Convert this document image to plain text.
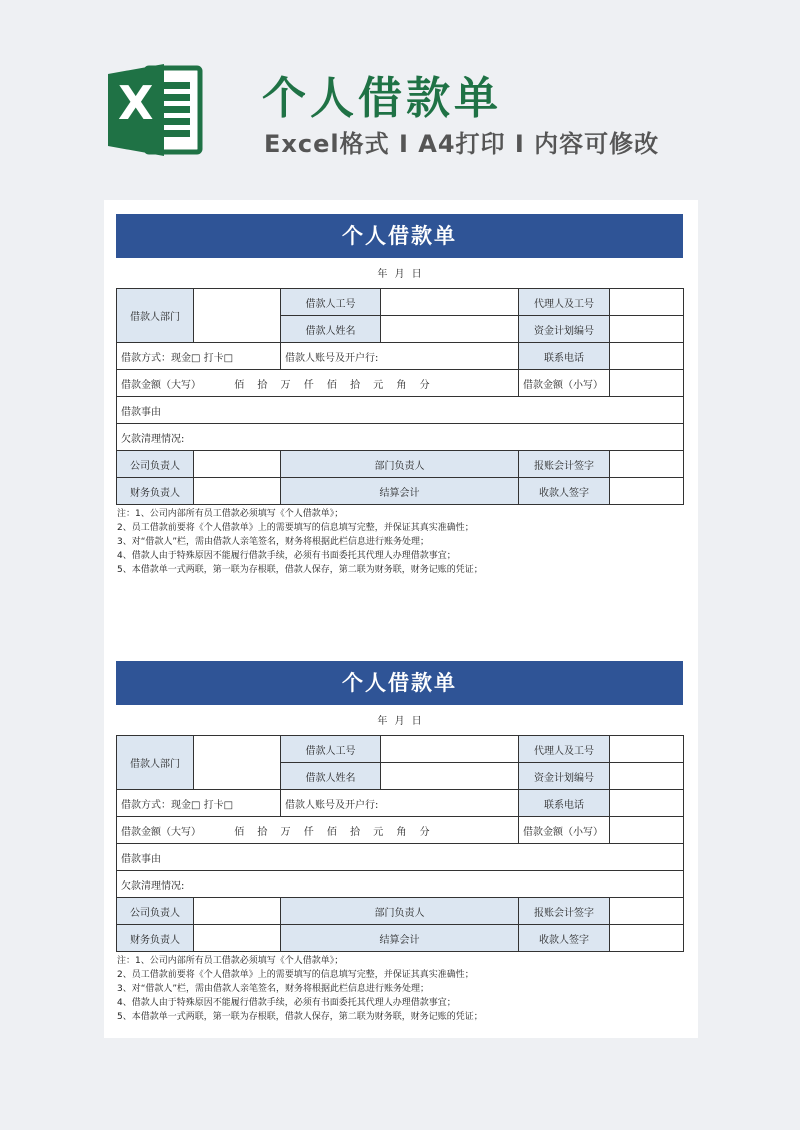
X 个人借款单
Excel格式 I A4打印 I 内容可修改
个人借款单
年 月 日
借款人部门		借款人工号		代理人及工号	
		借款人姓名		资金计划编号	
借款方式：现金□ 打卡□		借款人账号及开户行:		联系电话	
借款金额（大写） 佰 拾 万 仟 佰 拾 元 角 分				借款金额（小写）	
借款事由					
欠款清理情况:					
公司负责人		部门负责人		报账会计签字	
财务负责人		结算会计		收款人签字	
注：1、公司内部所有员工借款必须填写《个人借款单》；
2、员工借款前要将《个人借款单》上的需要填写的信息填写完整，并保证其真实准确性；
3、对“借款人”栏，需由借款人亲笔签名，财务将根据此栏信息进行账务处理；
4、借款人由于特殊原因不能履行借款手续，必须有书面委托其代理人办理借款事宜；
5、本借款单一式两联，第一联为存根联，借款人保存，第二联为财务联，财务记账的凭证；
个人借款单
年 月 日
借款人部门		借款人工号		代理人及工号	
		借款人姓名		资金计划编号	
借款方式：现金□ 打卡□		借款人账号及开户行:		联系电话	
借款金额（大写） 佰 拾 万 仟 佰 拾 元 角 分				借款金额（小写）	
借款事由					
欠款清理情况:					
公司负责人		部门负责人		报账会计签字	
财务负责人		结算会计		收款人签字	
注：1、公司内部所有员工借款必须填写《个人借款单》；
2、员工借款前要将《个人借款单》上的需要填写的信息填写完整，并保证其真实准确性；
3、对“借款人”栏，需由借款人亲笔签名，财务将根据此栏信息进行账务处理；
4、借款人由于特殊原因不能履行借款手续，必须有书面委托其代理人办理借款事宜；
5、本借款单一式两联，第一联为存根联，借款人保存，第二联为财务联，财务记账的凭证；
